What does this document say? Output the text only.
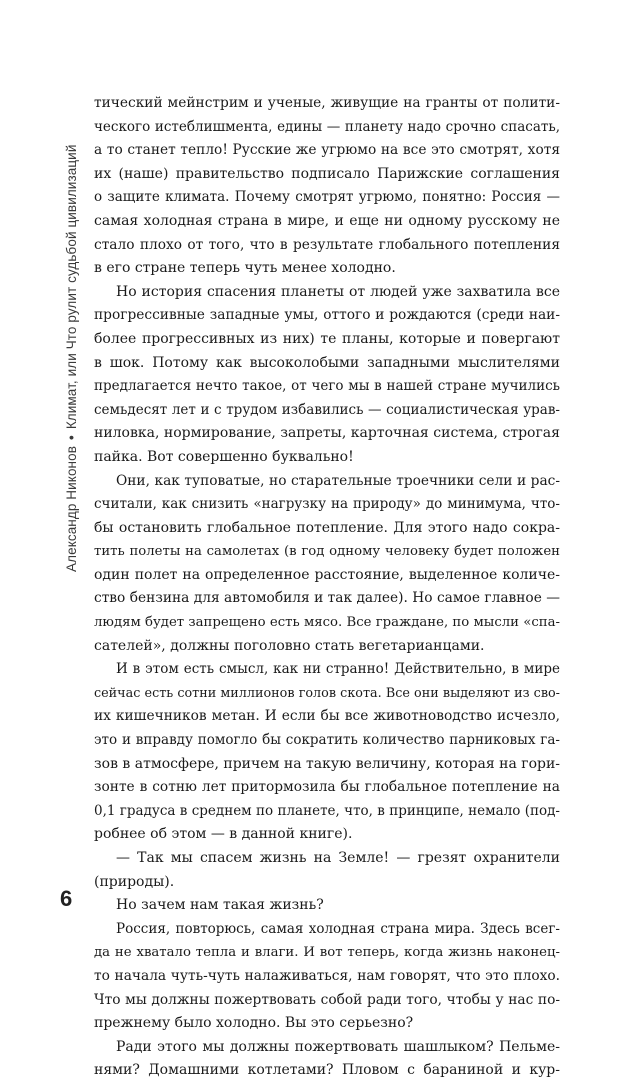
Александр Никонов•Климат, или Что рулит судьбой цивилизаций
6
тический мейнстрим и ученые, живущие на гранты от полити-
ческого истеблишмента, едины — планету надо срочно спасать,
а то станет тепло! Русские же угрюмо на все это смотрят, хотя
их (наше) правительство подписало Парижские соглашения
о защите климата. Почему смотрят угрюмо, понятно: Россия —
самая холодная страна в мире, и еще ни одному русскому не
стало плохо от того, что в результате глобального потепления
в его стране теперь чуть менее холодно.
Но история спасения планеты от людей уже захватила все
прогрессивные западные умы, оттого и рождаются (среди наи-
более прогрессивных из них) те планы, которые и повергают
в шок. Потому как высоколобыми западными мыслителями
предлагается нечто такое, от чего мы в нашей стране мучились
семьдесят лет и с трудом избавились — социалистическая урав-
ниловка, нормирование, запреты, карточная система, строгая
пайка. Вот совершенно буквально!
Они, как туповатые, но старательные троечники сели и рас-
считали, как снизить «нагрузку на природу» до минимума, что-
бы остановить глобальное потепление. Для этого надо сокра-
тить полеты на самолетах (в год одному человеку будет положен
один полет на определенное расстояние, выделенное количе-
ство бензина для автомобиля и так далее). Но самое главное —
людям будет запрещено есть мясо. Все граждане, по мысли «спа-
сателей», должны поголовно стать вегетарианцами.
И в этом есть смысл, как ни странно! Действительно, в мире
сейчас есть сотни миллионов голов скота. Все они выделяют из сво-
их кишечников метан. И если бы все животноводство исчезло,
это и вправду помогло бы сократить количество парниковых га-
зов в атмосфере, причем на такую величину, которая на гори-
зонте в сотню лет притормозила бы глобальное потепление на
0,1 градуса в среднем по планете, что, в принципе, немало (под-
робнее об этом — в данной книге).
— Так мы спасем жизнь на Земле! — грезят охранители
(природы).
Но зачем нам такая жизнь?
Россия, повторюсь, самая холодная страна мира. Здесь всег-
да не хватало тепла и влаги. И вот теперь, когда жизнь наконец-
то начала чуть-чуть налаживаться, нам говорят, что это плохо.
Что мы должны пожертвовать собой ради того, чтобы у нас по-
прежнему было холодно. Вы это серьезно?
Ради этого мы должны пожертвовать шашлыком? Пельме-
нями? Домашними котлетами? Пловом с бараниной и кур-
